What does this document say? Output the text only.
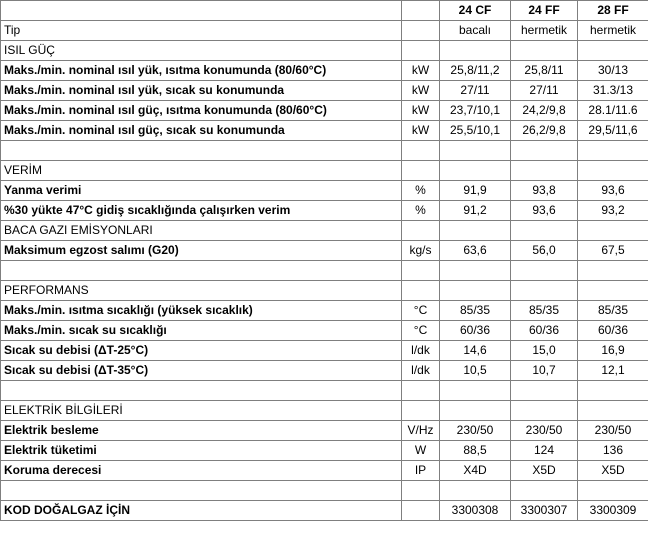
		24 CF	24 FF	28 FF
Tip		bacalı	hermetik	hermetik
ISIL GÜÇ				
Maks./min. nominal ısıl yük, ısıtma konumunda (80/60°C)	kW	25,8/11,2	25,8/11	30/13
Maks./min. nominal ısıl yük, sıcak su konumunda	kW	27/11	27/11	31.3/13
Maks./min. nominal ısıl güç, ısıtma konumunda (80/60°C)	kW	23,7/10,1	24,2/9,8	28.1/11.6
Maks./min. nominal ısıl güç, sıcak su konumunda	kW	25,5/10,1	26,2/9,8	29,5/11,6

VERİM				
Yanma verimi	%	91,9	93,8	93,6
%30 yükte 47°C gidiş sıcaklığında çalışırken verim	%	91,2	93,6	93,2
BACA GAZI EMİSYONLARI				
Maksimum egzost salımı (G20)	kg/s	63,6	56,0	67,5

PERFORMANS				
Maks./min. ısıtma sıcaklığı (yüksek sıcaklık)	°C	85/35	85/35	85/35
Maks./min. sıcak su sıcaklığı	°C	60/36	60/36	60/36
Sıcak su debisi (ΔT-25°C)	l/dk	14,6	15,0	16,9
Sıcak su debisi (ΔT-35°C)	l/dk	10,5	10,7	12,1

ELEKTRİK BİLGİLERİ				
Elektrik besleme	V/Hz	230/50	230/50	230/50
Elektrik tüketimi	W	88,5	124	136
Koruma derecesi	IP	X4D	X5D	X5D

KOD DOĞALGAZ İÇİN		3300308	3300307	3300309
